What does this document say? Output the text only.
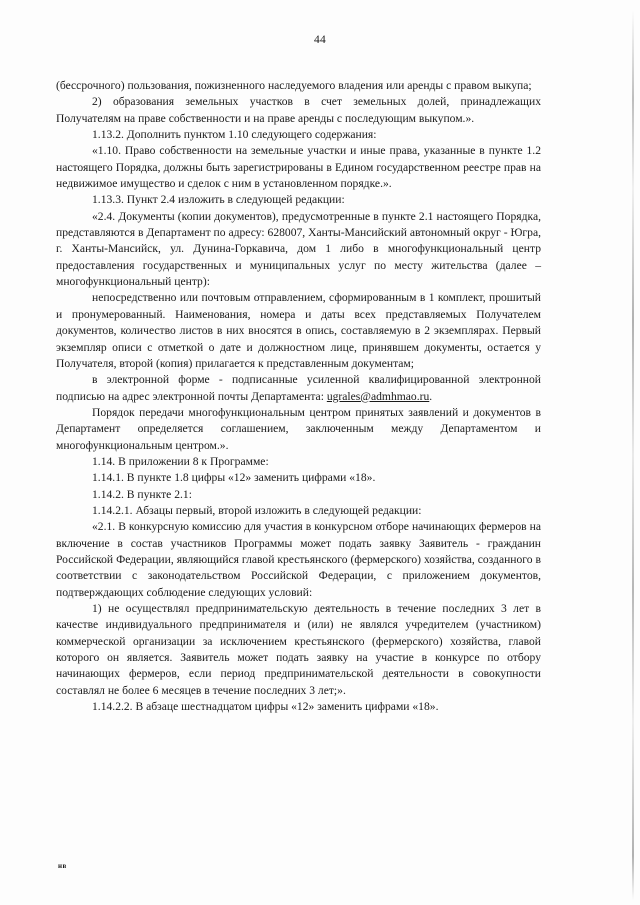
44

(бессрочного) пользования, пожизненного наследуемого владения или аренды с правом выкупа;

2) образования земельных участков в счет земельных долей, принадлежащих Получателям на праве собственности и на праве аренды с последующим выкупом.».

1.13.2. Дополнить пунктом 1.10 следующего содержания:

«1.10. Право собственности на земельные участки и иные права, указанные в пункте 1.2 настоящего Порядка, должны быть зарегистрированы в Едином государственном реестре прав на недвижимое имущество и сделок с ним в установленном порядке.».

1.13.3. Пункт 2.4 изложить в следующей редакции:

«2.4. Документы (копии документов), предусмотренные в пункте 2.1 настоящего Порядка, представляются в Департамент по адресу: 628007, Ханты-Мансийский автономный округ - Югра, г. Ханты-Мансийск, ул. Дунина-Горкавича, дом 1 либо в многофункциональный центр предоставления государственных и муниципальных услуг по месту жительства (далее – многофункциональный центр):

непосредственно или почтовым отправлением, сформированным в 1 комплект, прошитый и пронумерованный. Наименования, номера и даты всех представляемых Получателем документов, количество листов в них вносятся в опись, составляемую в 2 экземплярах. Первый экземпляр описи с отметкой о дате и должностном лице, принявшем документы, остается у Получателя, второй (копия) прилагается к представленным документам;

в электронной форме - подписанные усиленной квалифицированной электронной подписью на адрес электронной почты Департамента: ugrales@admhmao.ru.

Порядок передачи многофункциональным центром принятых заявлений и документов в Департамент определяется соглашением, заключенным между Департаментом и многофункциональным центром.».

1.14. В приложении 8 к Программе:

1.14.1. В пункте 1.8 цифры «12» заменить цифрами «18».

1.14.2. В пункте 2.1:

1.14.2.1. Абзацы первый, второй изложить в следующей редакции:

«2.1. В конкурсную комиссию для участия в конкурсном отборе начинающих фермеров на включение в состав участников Программы может подать заявку Заявитель - гражданин Российской Федерации, являющийся главой крестьянского (фермерского) хозяйства, созданного в соответствии с законодательством Российской Федерации, с приложением документов, подтверждающих соблюдение следующих условий:

1) не осуществлял предпринимательскую деятельность в течение последних 3 лет в качестве индивидуального предпринимателя и (или) не являлся учредителем (участником) коммерческой организации за исключением крестьянского (фермерского) хозяйства, главой которого он является. Заявитель может подать заявку на участие в конкурсе по отбору начинающих фермеров, если период предпринимательской деятельности в совокупности составлял не более 6 месяцев в течение последних 3 лет;».

1.14.2.2. В абзаце шестнадцатом цифры «12» заменить цифрами «18».

нв
